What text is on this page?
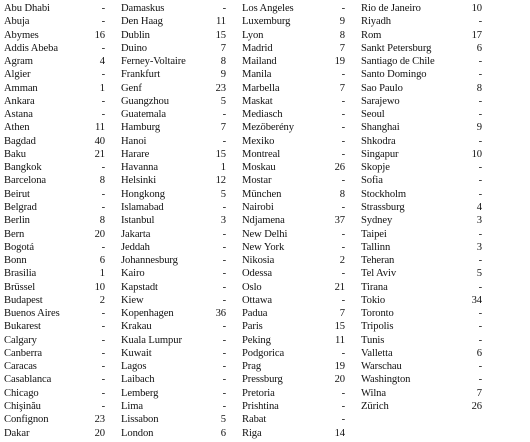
Abu Dhabi	-
Abuja	-
Abymes	16
Addis Abeba	-
Agram	4
Algier	-
Amman	1
Ankara	-
Astana	-
Athen	11
Bagdad	40
Baku	21
Bangkok	-
Barcelona	8
Beirut	-
Belgrad	-
Berlin	8
Bern	20
Bogotá	-
Bonn	6
Brasilia	1
Brüssel	10
Budapest	2
Buenos Aires	-
Bukarest	-
Calgary	-
Canberra	-
Caracas	-
Casablanca	-
Chicago	-
Chişinău	-
Confignon	23
Dakar	20
Damaskus	-
Den Haag	11
Dublin	15
Duino	7
Ferney-Voltaire	8
Frankfurt	9
Genf	23
Guangzhou	5
Guatemala	-
Hamburg	7
Hanoi	-
Harare	15
Havanna	1
Helsinki	12
Hongkong	5
Islamabad	-
Istanbul	3
Jakarta	-
Jeddah	-
Johannesburg	-
Kairo	-
Kapstadt	-
Kiew	-
Kopenhagen	36
Krakau	-
Kuala Lumpur	-
Kuwait	-
Lagos	-
Laibach	-
Lemberg	-
Lima	-
Lissabon	5
London	6
Los Angeles	-
Luxemburg	9
Lyon	8
Madrid	7
Mailand	19
Manila	-
Marbella	7
Maskat	-
Mediasch	-
Mezöberény	-
Mexiko	-
Montreal	-
Moskau	26
Mostar	-
München	8
Nairobi	-
Ndjamena	37
New Delhi	-
New York	-
Nikosia	2
Odessa	-
Oslo	21
Ottawa	-
Padua	7
Paris	15
Peking	11
Podgorica	-
Prag	19
Pressburg	20
Pretoria	-
Prishtina	-
Rabat	-
Riga	14
Rio de Janeiro	10
Riyadh	-
Rom	17
Sankt Petersburg	6
Santiago de Chile	-
Santo Domingo	-
Sao Paulo	8
Sarajewo	-
Seoul	-
Shanghai	9
Shkodra	-
Singapur	10
Skopje	-
Sofia	-
Stockholm	-
Strassburg	4
Sydney	3
Taipei	-
Tallinn	3
Teheran	-
Tel Aviv	5
Tirana	-
Tokio	34
Toronto	-
Tripolis	-
Tunis	-
Valletta	6
Warschau	-
Washington	-
Wilna	7
Zürich	26
